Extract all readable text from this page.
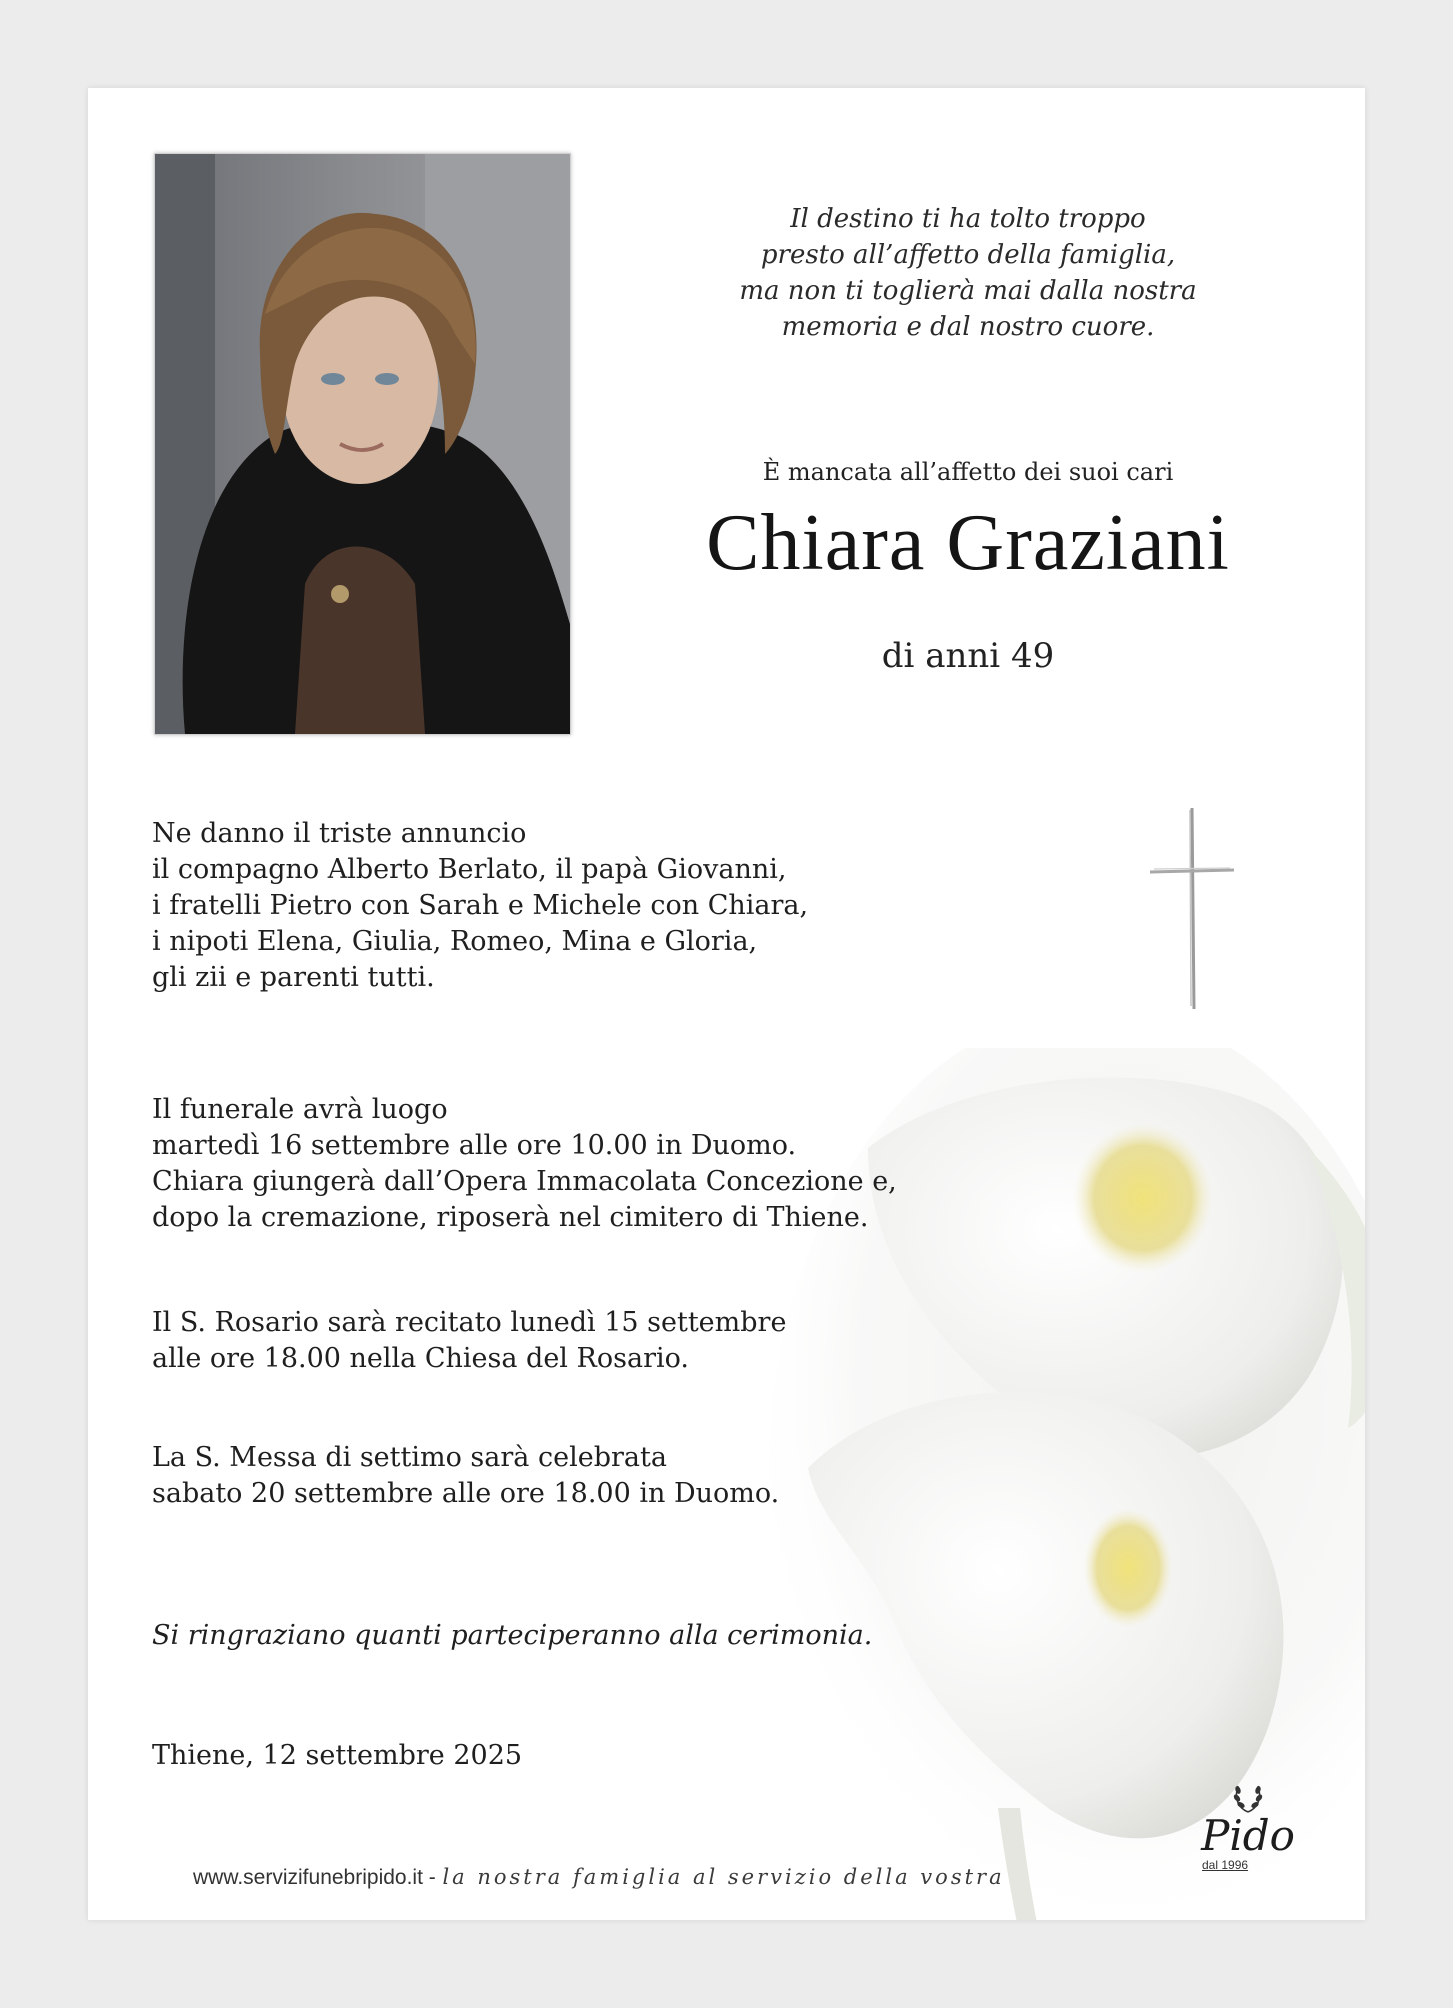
Il destino ti ha tolto troppo
presto all’affetto della famiglia,
ma non ti toglierà mai dalla nostra
memoria e dal nostro cuore.
È mancata all’affetto dei suoi cari
Chiara Graziani
di anni 49
Ne danno il triste annuncio
il compagno Alberto Berlato, il papà Giovanni,
i fratelli Pietro con Sarah e Michele con Chiara,
i nipoti Elena, Giulia, Romeo, Mina e Gloria,
gli zii e parenti tutti.
Il funerale avrà luogo
martedì 16 settembre alle ore 10.00 in Duomo.
Chiara giungerà dall’Opera Immacolata Concezione e,
dopo la cremazione, riposerà nel cimitero di Thiene.
Il S. Rosario sarà recitato lunedì 15 settembre
alle ore 18.00 nella Chiesa del Rosario.
La S. Messa di settimo sarà celebrata
sabato 20 settembre alle ore 18.00 in Duomo.
Si ringraziano quanti parteciperanno alla cerimonia.
Thiene, 12 settembre 2025
www.servizifunebripido.it - la nostra famiglia al servizio della vostra
Pido
dal 1996
